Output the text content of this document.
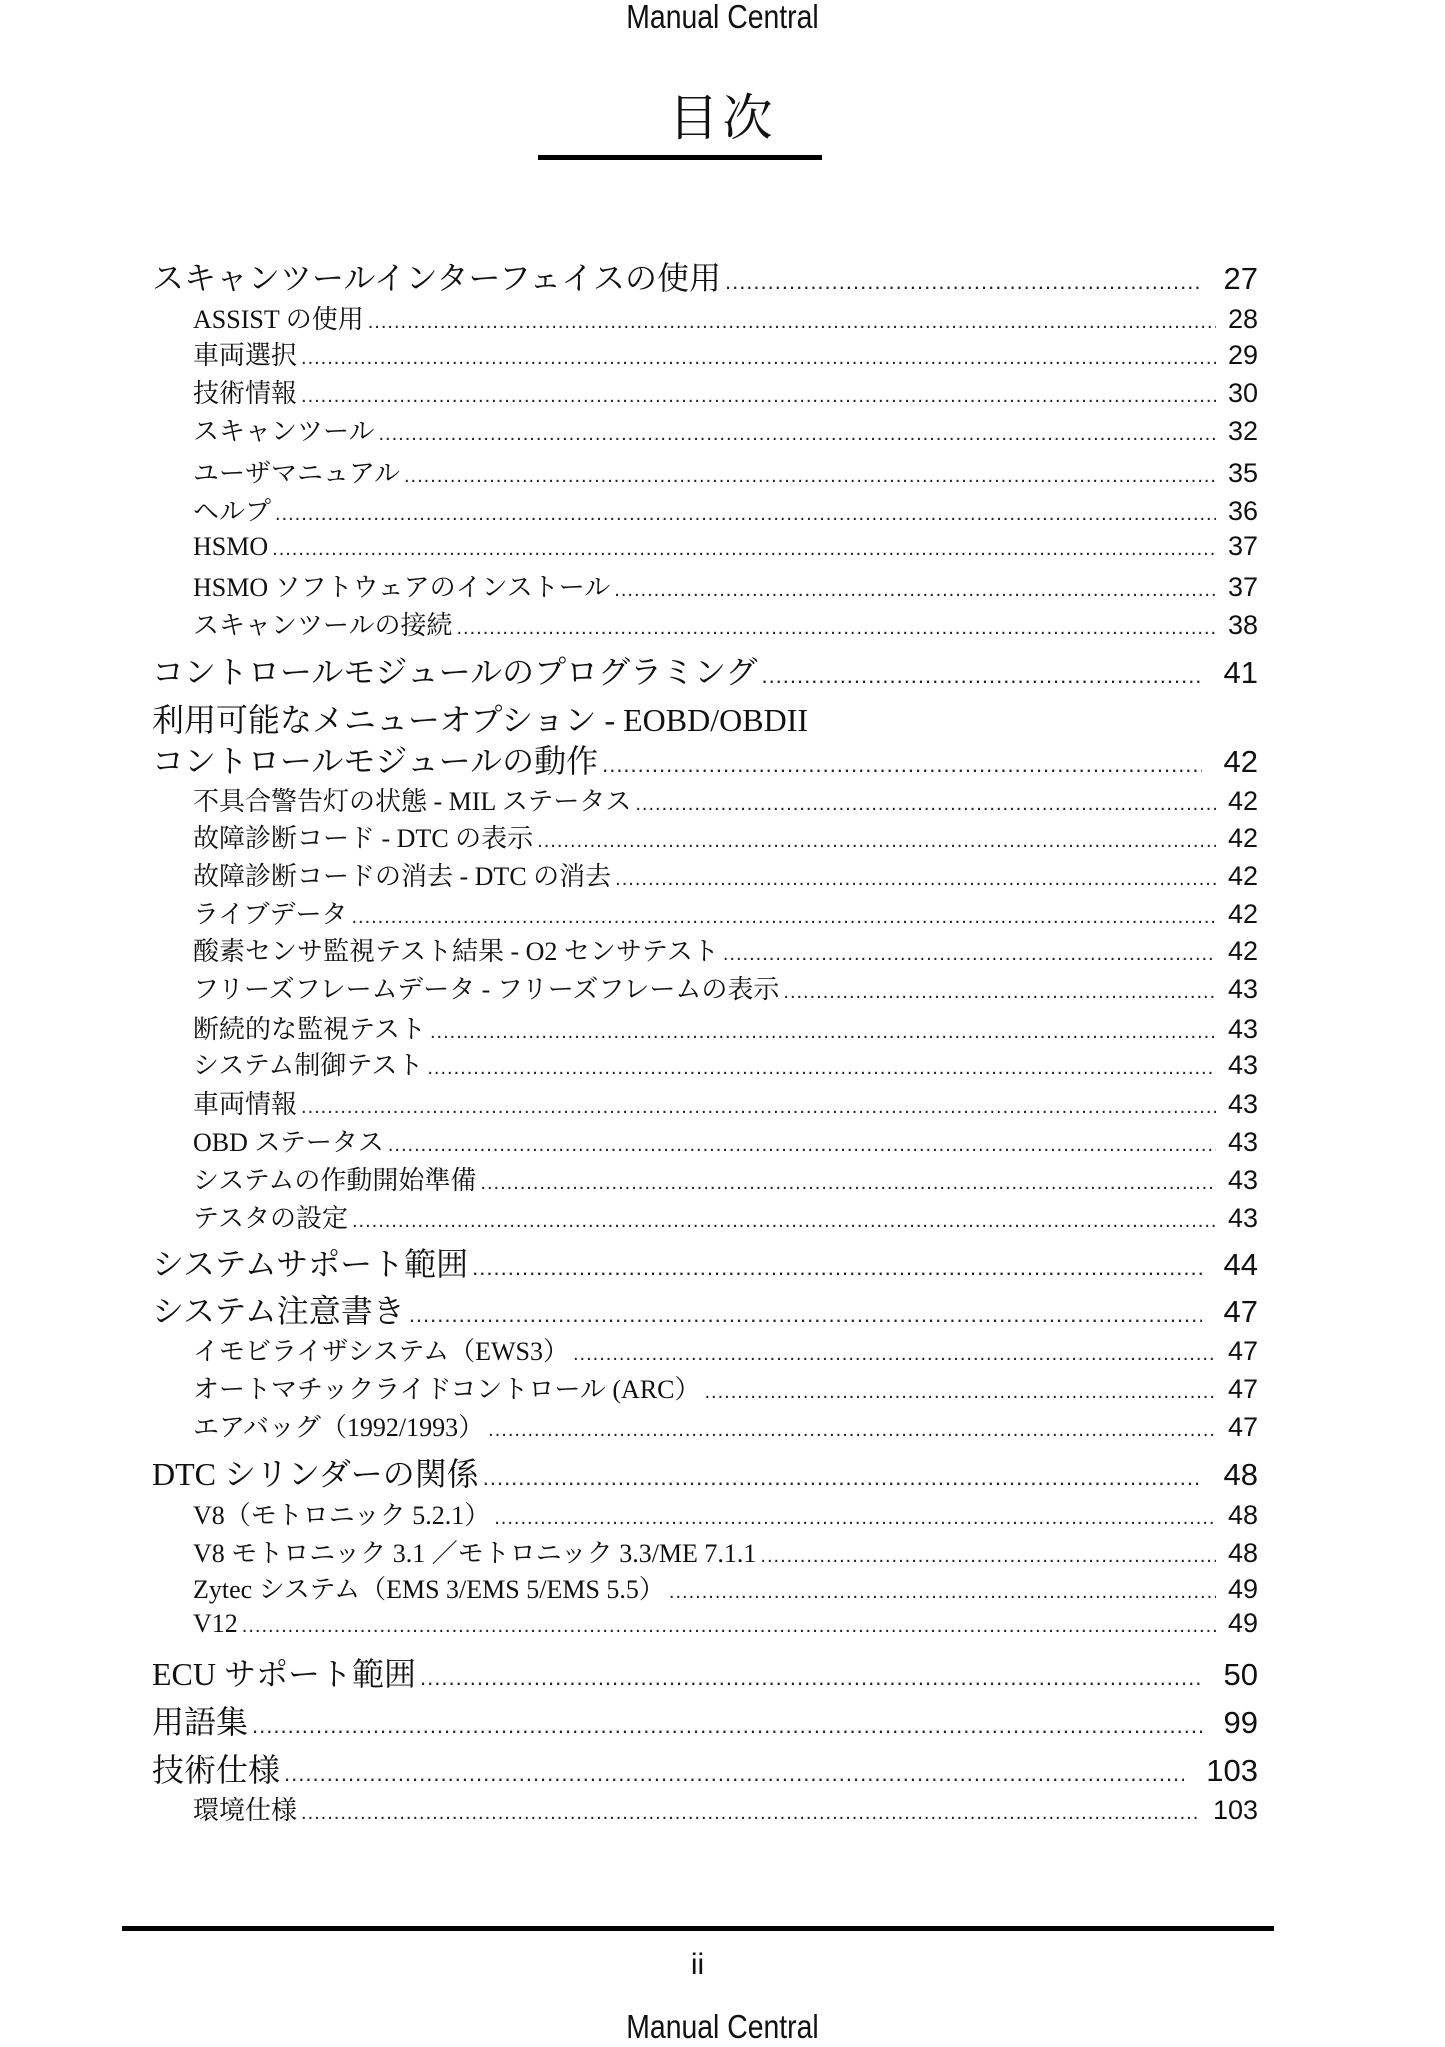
Manual Central
目次
スキャンツールインターフェイスの使用 .....	27
ASSIST の使用 .....	28
車両選択 .....	29
技術情報 .....	30
スキャンツール .....	32
ユーザマニュアル .....	35
ヘルプ .....	36
HSMO .....	37
HSMO ソフトウェアのインストール .....	37
スキャンツールの接続 .....	38
コントロールモジュールのプログラミング .....	41
利用可能なメニューオプション - EOBD/OBDII
コントロールモジュールの動作 .....	42
不具合警告灯の状態 - MIL ステータス .....	42
故障診断コード - DTC の表示 .....	42
故障診断コードの消去 - DTC の消去 .....	42
ライブデータ .....	42
酸素センサ監視テスト結果 - O2 センサテスト .....	42
フリーズフレームデータ - フリーズフレームの表示 .....	43
断続的な監視テスト .....	43
システム制御テスト .....	43
車両情報 .....	43
OBD ステータス .....	43
システムの作動開始準備 .....	43
テスタの設定 .....	43
システムサポート範囲 .....	44
システム注意書き .....	47
イモビライザシステム（EWS3） .....	47
オートマチックライドコントロール (ARC） .....	47
エアバッグ（1992/1993） .....	47
DTC シリンダーの関係 .....	48
V8（モトロニック 5.2.1） .....	48
V8 モトロニック 3.1 ／モトロニック 3.3/ME 7.1.1 .....	48
Zytec システム（EMS 3/EMS 5/EMS 5.5） .....	49
V12 .....	49
ECU サポート範囲 .....	50
用語集 .....	99
技術仕様 .....	103
環境仕様 .....	103
ii
Manual Central
